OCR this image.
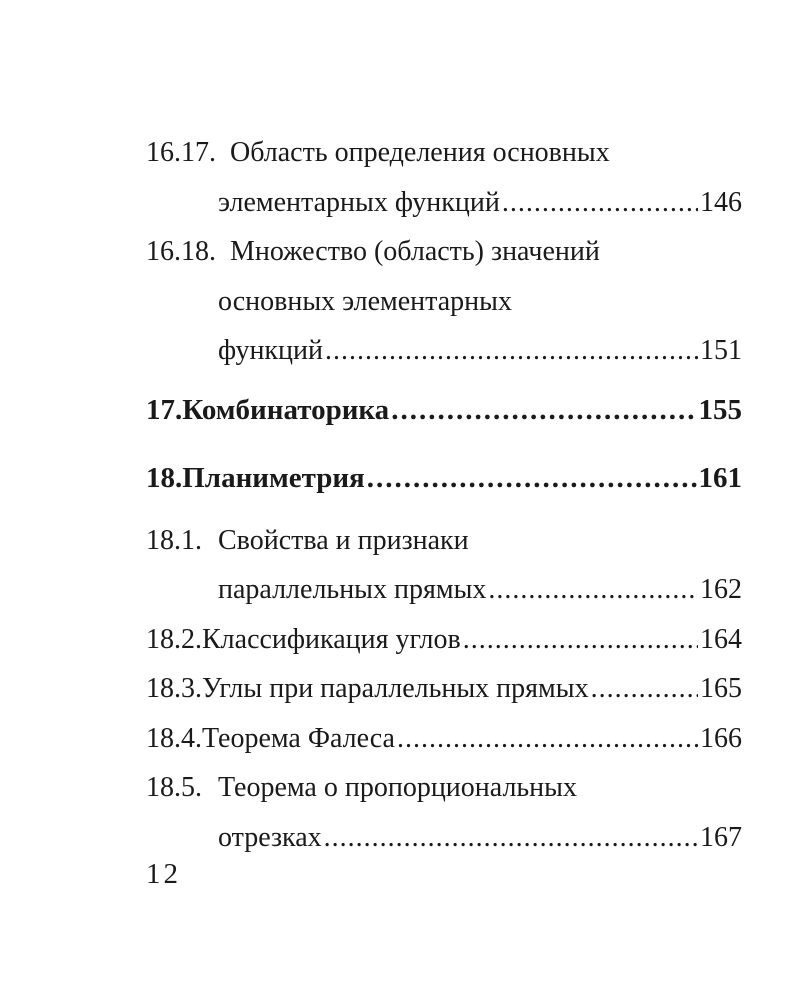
16.17. Область определения основных
элементарных функций .....	146
16.18. Множество (область) значений
основных элементарных
функций .....	151
17. Комбинаторика .....	155
18. Планиметрия .....	161
18.1. Свойства и признаки
параллельных прямых .....	162
18.2. Классификация углов .....	164
18.3. Углы при параллельных прямых .....	165
18.4. Теорема Фалеса .....	166
18.5. Теорема о пропорциональных
отрезках .....	167
12
